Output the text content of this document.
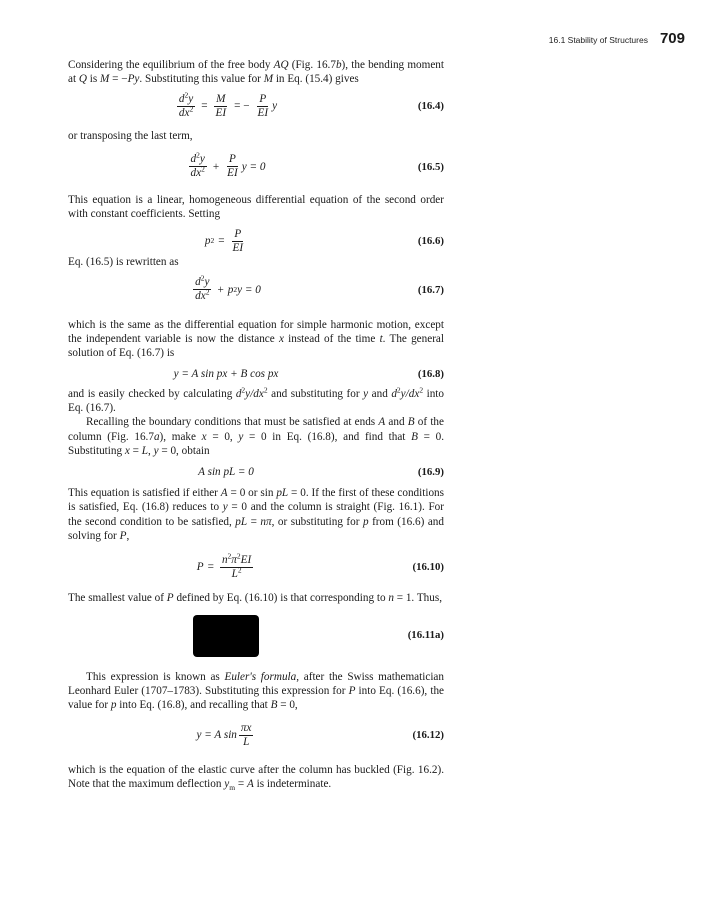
16.1 Stability of Structures 709

Considering the equilibrium of the free body AQ (Fig. 16.7b), the bending moment at Q is M = −Py. Substituting this value for M in Eq. (15.4) gives

$\frac{d^2y}{dx^2} = \frac{M}{EI}$ = − $\frac{P}{EI}$ y	(16.4)

or transposing the last term,

$\frac{d^2y}{dx^2} + \frac{P}{EI}$ y = 0	(16.5)

This equation is a linear, homogeneous differential equation of the second order with constant coefficients. Setting

p $2 = \frac{P}{EI}$	(16.6)

Eq. (16.5) is rewritten as

$\frac{d^2y}{dx^2} + p$ 2 y = 0	(16.7)

which is the same as the differential equation for simple harmonic motion, except the independent variable is now the distance x instead of the time t. The general solution of Eq. (16.7) is

y = A sin px + B cos px	(16.8)

and is easily checked by calculating $d^2y/dx^2$ and substituting for y and $d^2y/dx^2$ into Eq. (16.7).

Recalling the boundary conditions that must be satisfied at ends A and B of the column (Fig. 16.7a), make x = 0, y = 0 in Eq. (16.8), and find that B = 0. Substituting x = L, y = 0, obtain

A sin pL = 0	(16.9)

This equation is satisfied if either A = 0 or sin pL = 0. If the first of these conditions is satisfied, Eq. (16.8) reduces to y = 0 and the column is straight (Fig. 16.1). For the second condition to be satisfied, pL = nπ, or substituting for p from (16.6) and solving for P,

$P = \frac{n^2\pi^2EI}{L^2}$	(16.10)

The smallest value of P defined by Eq. (16.10) is that corresponding to n = 1. Thus,

(16.11a)

This expression is known as Euler's formula, after the Swiss mathematician Leonhard Euler (1707–1783). Substituting this expression for P into Eq. (16.6), the value for p into Eq. (16.8), and recalling that B = 0,

y = A $\sin \frac{\pi x}{L}$	(16.12)

which is the equation of the elastic curve after the column has buckled (Fig. 16.2). Note that the maximum deflection $y_m = A$ is indeterminate.
